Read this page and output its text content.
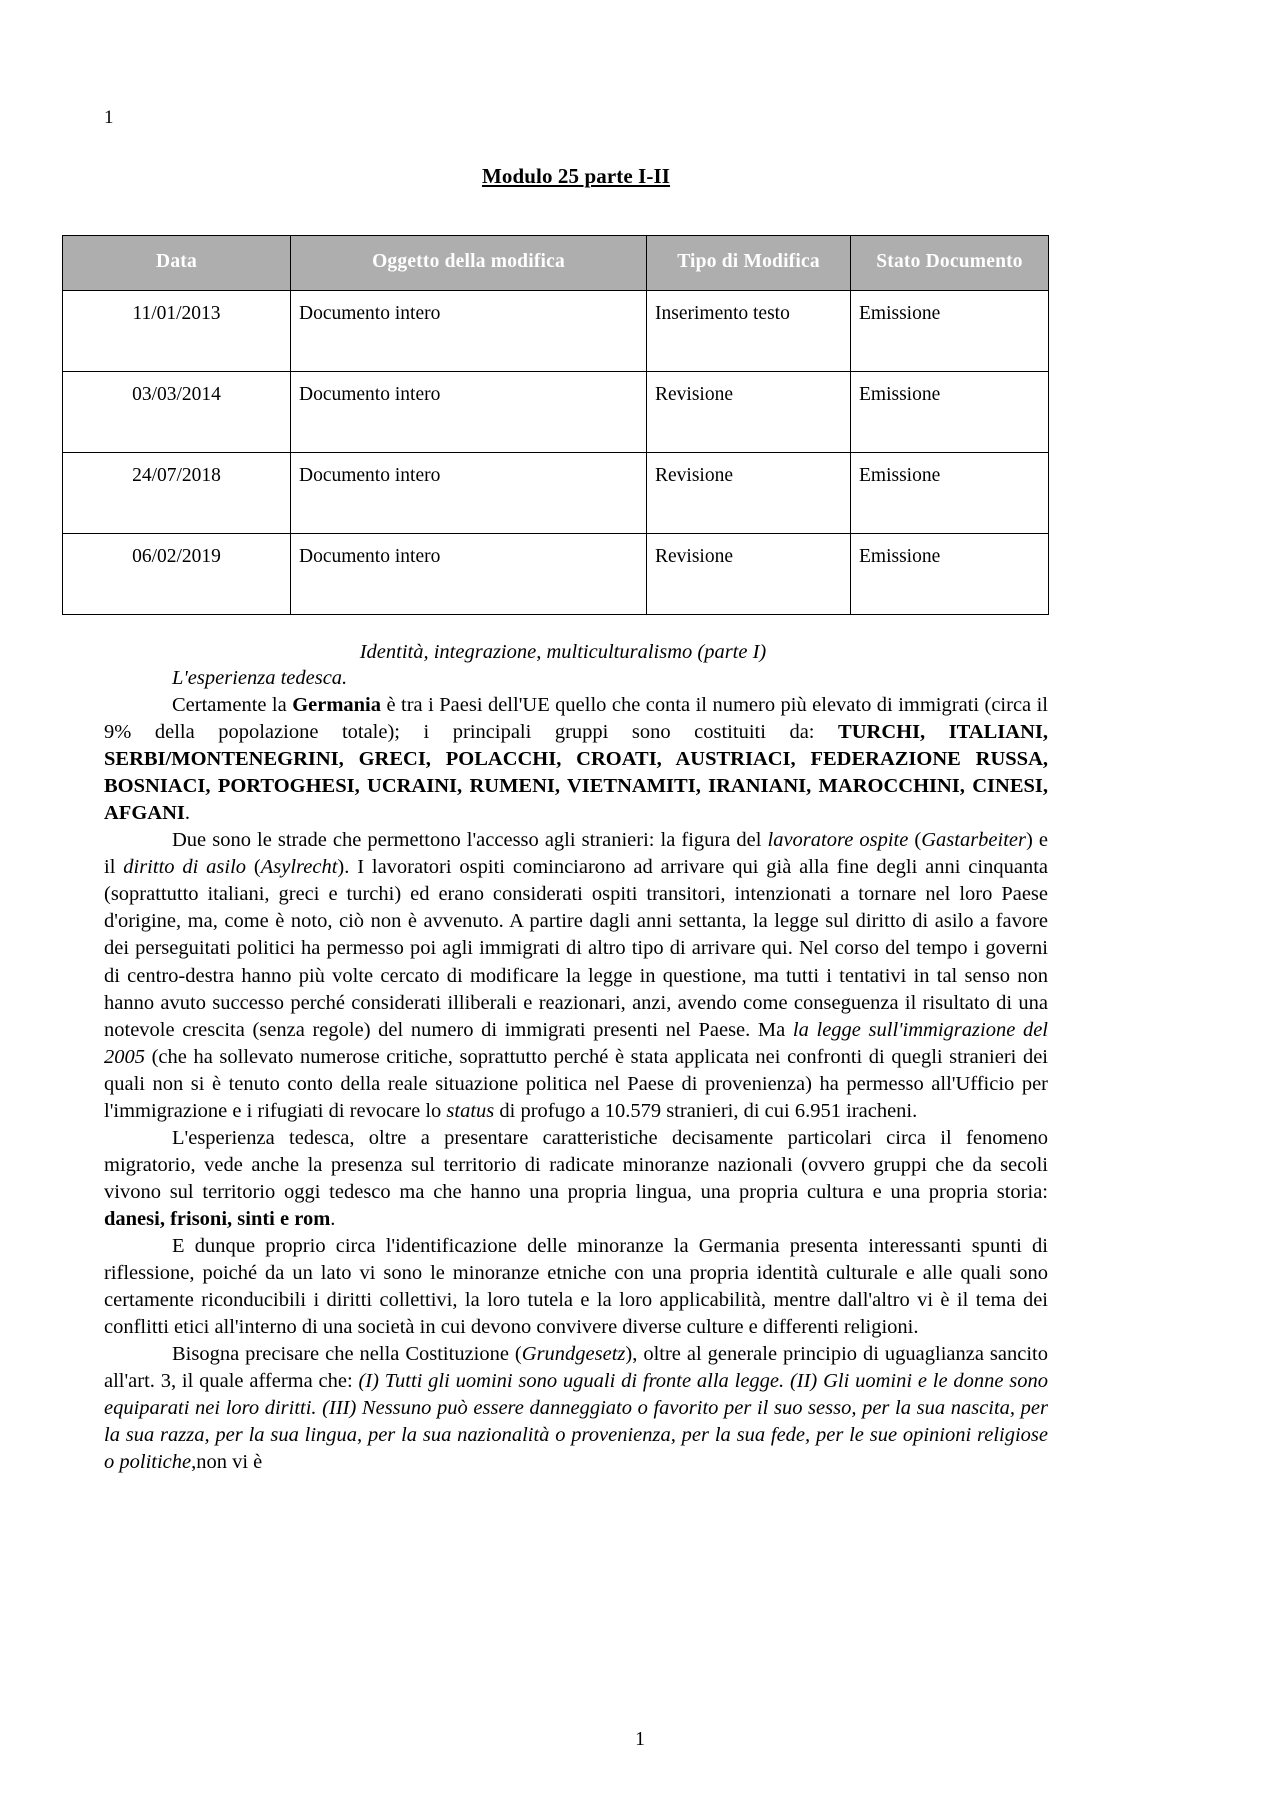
1
Modulo 25 parte I-II
Data	Oggetto della modifica	Tipo di Modifica	Stato Documento
11/01/2013	Documento intero	Inserimento testo	Emissione
03/03/2014	Documento intero	Revisione	Emissione
24/07/2018	Documento intero	Revisione	Emissione
06/02/2019	Documento intero	Revisione	Emissione
Identità, integrazione, multiculturalismo (parte I)

L'esperienza tedesca.

Certamente la Germania è tra i Paesi dell'UE quello che conta il numero più elevato di immigrati (circa il 9% della popolazione totale); i principali gruppi sono costituiti da: TURCHI, ITALIANI, SERBI/MONTENEGRINI, GRECI, POLACCHI, CROATI, AUSTRIACI, FEDERAZIONE RUSSA, BOSNIACI, PORTOGHESI, UCRAINI, RUMENI, VIETNAMITI, IRANIANI, MAROCCHINI, CINESI, AFGANI.

Due sono le strade che permettono l'accesso agli stranieri: la figura del lavoratore ospite (Gastarbeiter) e il diritto di asilo (Asylrecht). I lavoratori ospiti cominciarono ad arrivare qui già alla fine degli anni cinquanta (soprattutto italiani, greci e turchi) ed erano considerati ospiti transitori, intenzionati a tornare nel loro Paese d'origine, ma, come è noto, ciò non è avvenuto. A partire dagli anni settanta, la legge sul diritto di asilo a favore dei perseguitati politici ha permesso poi agli immigrati di altro tipo di arrivare qui. Nel corso del tempo i governi di centro-destra hanno più volte cercato di modificare la legge in questione, ma tutti i tentativi in tal senso non hanno avuto successo perché considerati illiberali e reazionari, anzi, avendo come conseguenza il risultato di una notevole crescita (senza regole) del numero di immigrati presenti nel Paese. Ma la legge sull'immigrazione del 2005 (che ha sollevato numerose critiche, soprattutto perché è stata applicata nei confronti di quegli stranieri dei quali non si è tenuto conto della reale situazione politica nel Paese di provenienza) ha permesso all'Ufficio per l'immigrazione e i rifugiati di revocare lo status di profugo a 10.579 stranieri, di cui 6.951 iracheni.

L'esperienza tedesca, oltre a presentare caratteristiche decisamente particolari circa il fenomeno migratorio, vede anche la presenza sul territorio di radicate minoranze nazionali (ovvero gruppi che da secoli vivono sul territorio oggi tedesco ma che hanno una propria lingua, una propria cultura e una propria storia: danesi, frisoni, sinti e rom.

E dunque proprio circa l'identificazione delle minoranze la Germania presenta interessanti spunti di riflessione, poiché da un lato vi sono le minoranze etniche con una propria identità culturale e alle quali sono certamente riconducibili i diritti collettivi, la loro tutela e la loro applicabilità, mentre dall'altro vi è il tema dei conflitti etici all'interno di una società in cui devono convivere diverse culture e differenti religioni.

Bisogna precisare che nella Costituzione (Grundgesetz), oltre al generale principio di uguaglianza sancito all'art. 3, il quale afferma che: (I) Tutti gli uomini sono uguali di fronte alla legge. (II) Gli uomini e le donne sono equiparati nei loro diritti. (III) Nessuno può essere danneggiato o favorito per il suo sesso, per la sua nascita, per la sua razza, per la sua lingua, per la sua nazionalità o provenienza, per la sua fede, per le sue opinioni religiose o politiche,non vi è

1
